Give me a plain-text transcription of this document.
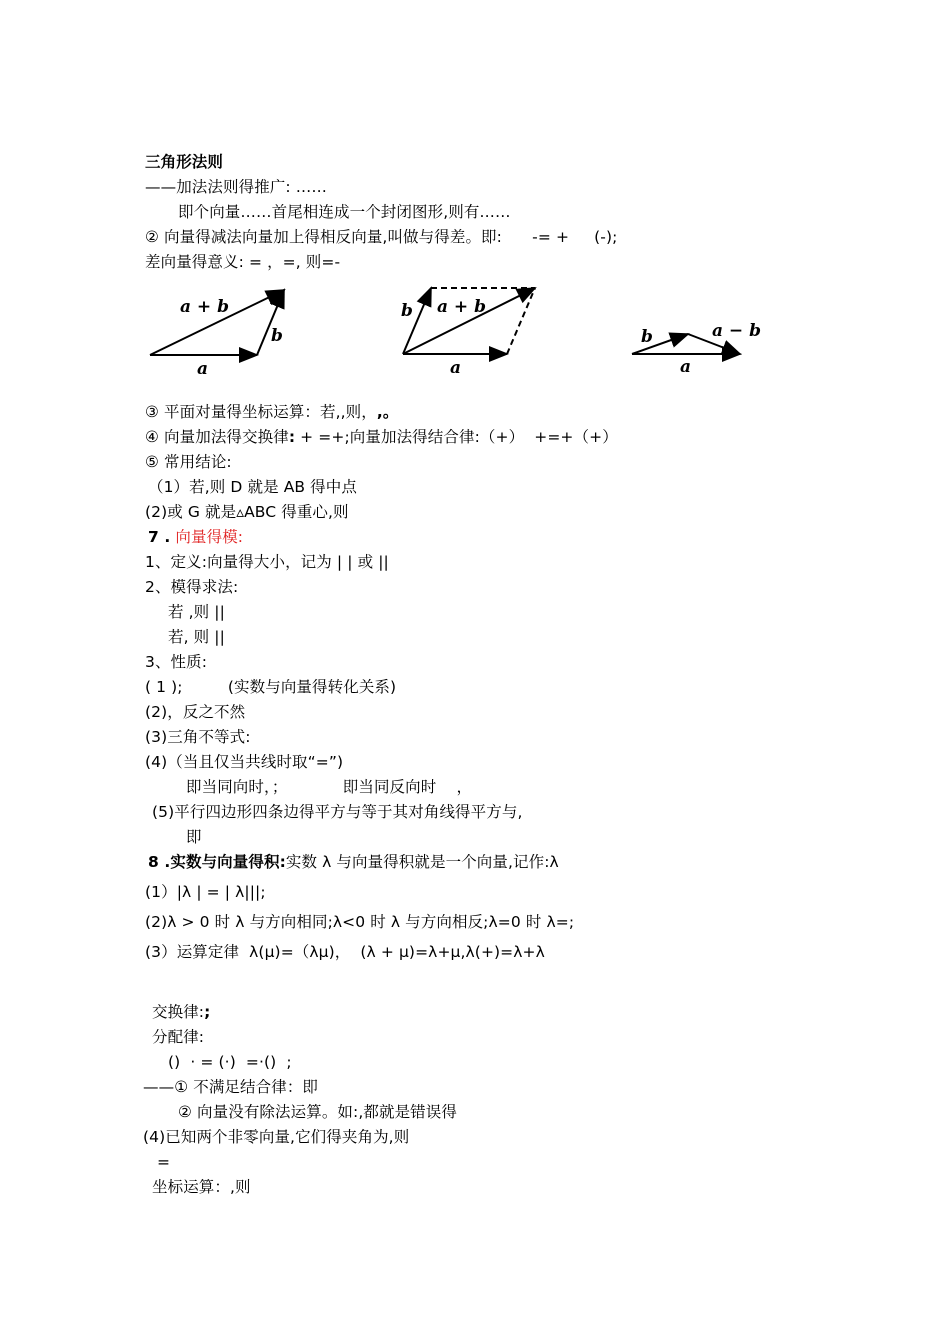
三角形法则
——加法法则得推广: ……
即个向量……首尾相连成一个封闭图形,则有……
② 向量得减法向量加上得相反向量,叫做与得差。即:      -= +     (-);
差向量得意义: = ，=, 则=-
a + b
b
a
b a + b
a
b	a − b
a
③ 平面对量得坐标运算：若,,则，,。
④ 向量加法得交换律: + =+;向量加法得结合律:（+）  +=+（+）
⑤ 常用结论:
（1）若,则 D 就是 AB 得中点
(2)或 G 就是▵ABC 得重心,则
7 . 向量得模:
1、定义:向量得大小，记为 | | 或 ||
2、模得求法:
若 ,则 ||
若, 则 ||
3、性质:
( 1 );         (实数与向量得转化关系)
(2)，反之不然
(3)三角不等式:
(4)（当且仅当共线时取“=”)
即当同向时，；           即当同反向时    ，
(5)平行四边形四条边得平方与等于其对角线得平方与,
即
8 .实数与向量得积:实数 λ 与向量得积就是一个向量,记作:λ
(1）|λ | = | λ|||;
(2)λ > 0 时 λ 与方向相同;λ<0 时 λ 与方向相反;λ=0 时 λ=;
(3）运算定律  λ(μ)=（λμ)，  (λ + μ)=λ+μ,λ(+)=λ+λ
交换律:;
分配律:
()  · = (·)  =·()  ;
——① 不满足结合律：即
② 向量没有除法运算。如:,都就是错误得
(4)已知两个非零向量,它们得夹角为,则
=
坐标运算：,则
